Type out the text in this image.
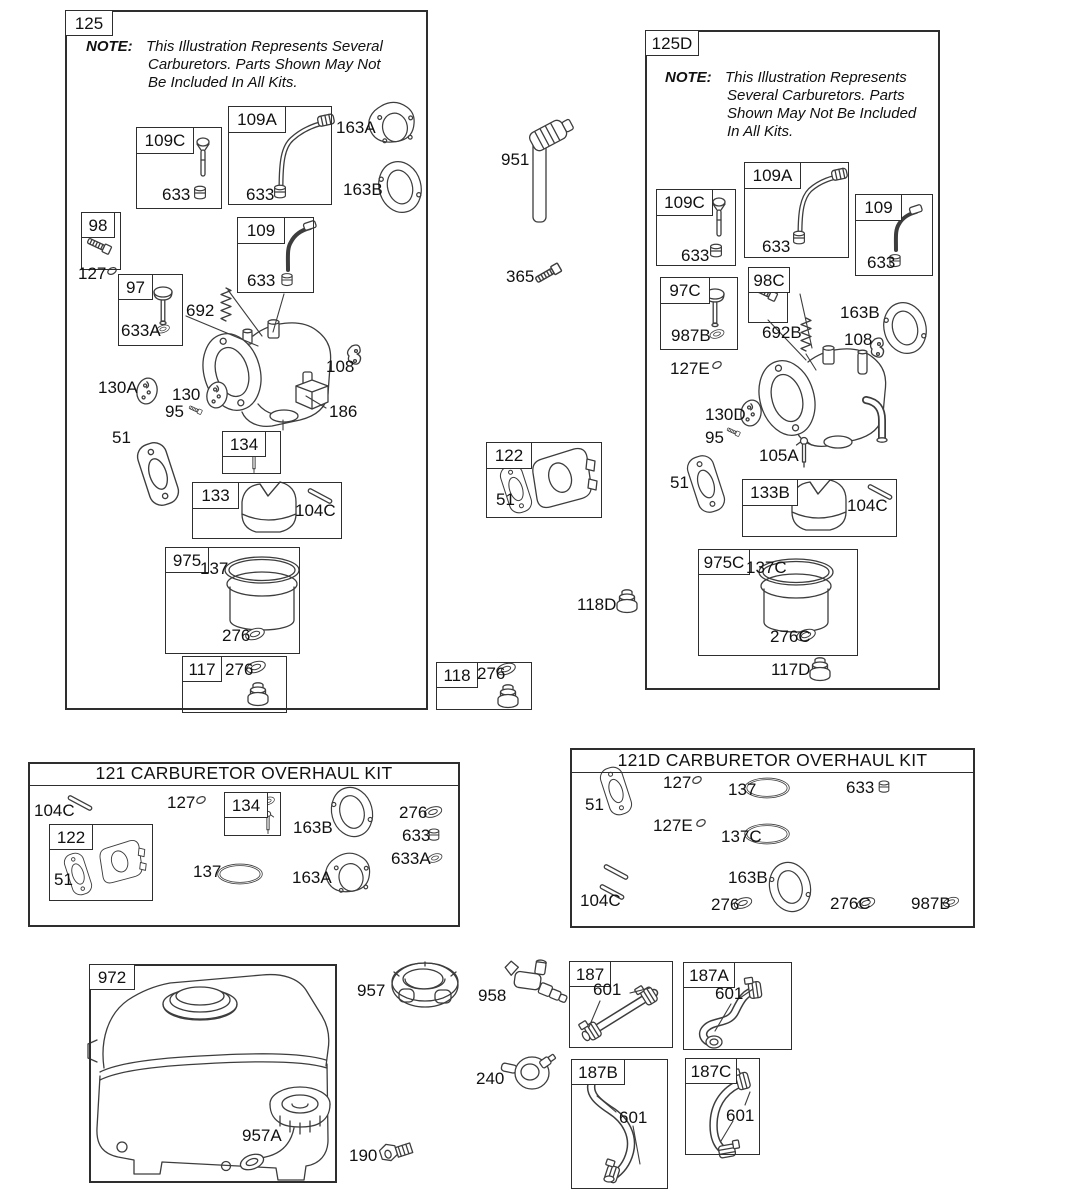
121 CARBURETOR OVERHAUL KIT
121D CARBURETOR OVERHAUL KIT
125
125D
109C
109A
98
97
109
134
133
975
117
122
118
109C
109A
109
97C
98C
133B
975C
134
122
972	187	187A
187B	187C
NOTE: This Illustration Represents Several
Carburetors. Parts Shown May Not
Be Included In All Kits.	NOTE: This Illustration Represents
Several Carburetors. Parts
Shown May Not Be Included
In All Kits.
633	633
163A
163B
127
633A
692
633
108
130A 130
95
51
186
104C
137
276
276
951
365
51
118D
276
633	633
633
987B	692B
163B
108
127E
130D
95
105A
51
104C
137C
276C
117D
104C	127
163B
276
633
633A
51	137	163A
51
127 137	633
127E
137C
163B
104C	276	276C 987B
957	958
240
190
957A
601	601
601	601
